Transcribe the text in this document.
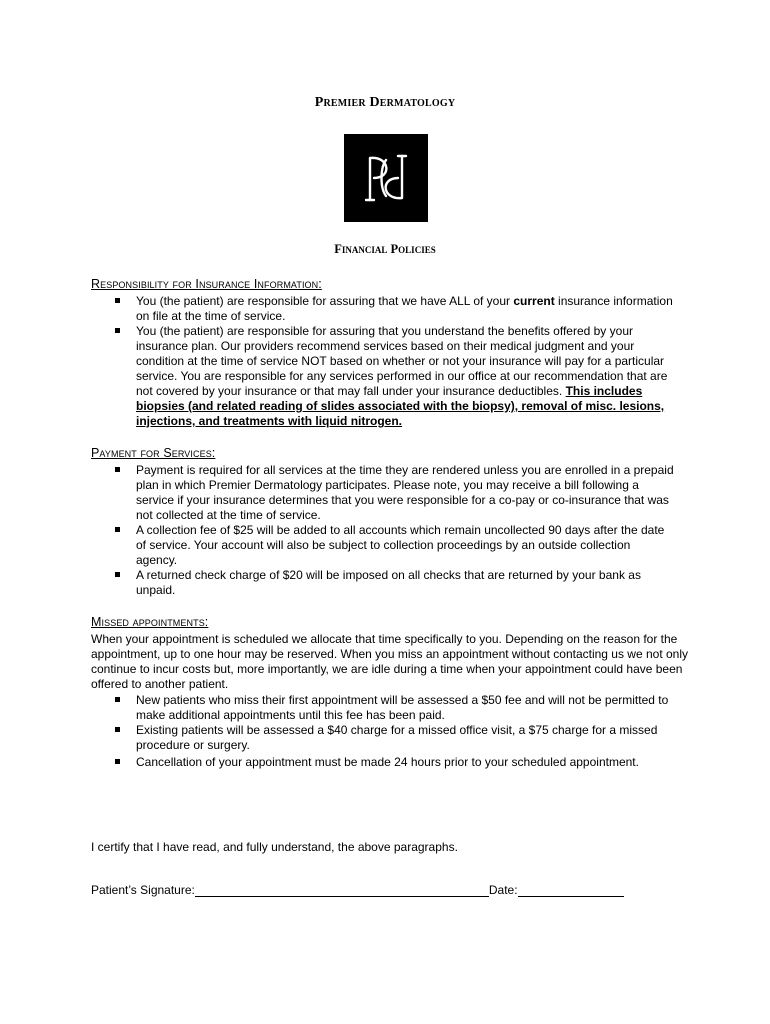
Premier Dermatology
Financial Policies
Responsibility for Insurance Information:
You (the patient) are responsible for assuring that we have ALL of your current insurance information on file at the time of service.
You (the patient) are responsible for assuring that you understand the benefits offered by your insurance plan. Our providers recommend services based on their medical judgment and your condition at the time of service NOT based on whether or not your insurance will pay for a particular service. You are responsible for any services performed in our office at our recommendation that are not covered by your insurance or that may fall under your insurance deductibles. This includes biopsies (and related reading of slides associated with the biopsy), removal of misc. lesions, injections, and treatments with liquid nitrogen.
Payment for Services:
Payment is required for all services at the time they are rendered unless you are enrolled in a prepaid plan in which Premier Dermatology participates. Please note, you may receive a bill following a service if your insurance determines that you were responsible for a co-pay or co-insurance that was not collected at the time of service.
A collection fee of $25 will be added to all accounts which remain uncollected 90 days after the date of service. Your account will also be subject to collection proceedings by an outside collection agency.
A returned check charge of $20 will be imposed on all checks that are returned by your bank as unpaid.
Missed appointments:

When your appointment is scheduled we allocate that time specifically to you. Depending on the reason for the appointment, up to one hour may be reserved. When you miss an appointment without contacting us we not only continue to incur costs but, more importantly, we are idle during a time when your appointment could have been offered to another patient.

New patients who miss their first appointment will be assessed a $50 fee and will not be permitted to make additional appointments until this fee has been paid.
Existing patients will be assessed a $40 charge for a missed office visit, a $75 charge for a missed procedure or surgery.
Cancellation of your appointment must be made 24 hours prior to your scheduled appointment.

I certify that I have read, and fully understand, the above paragraphs.

Patient’s Signature:	Date:
